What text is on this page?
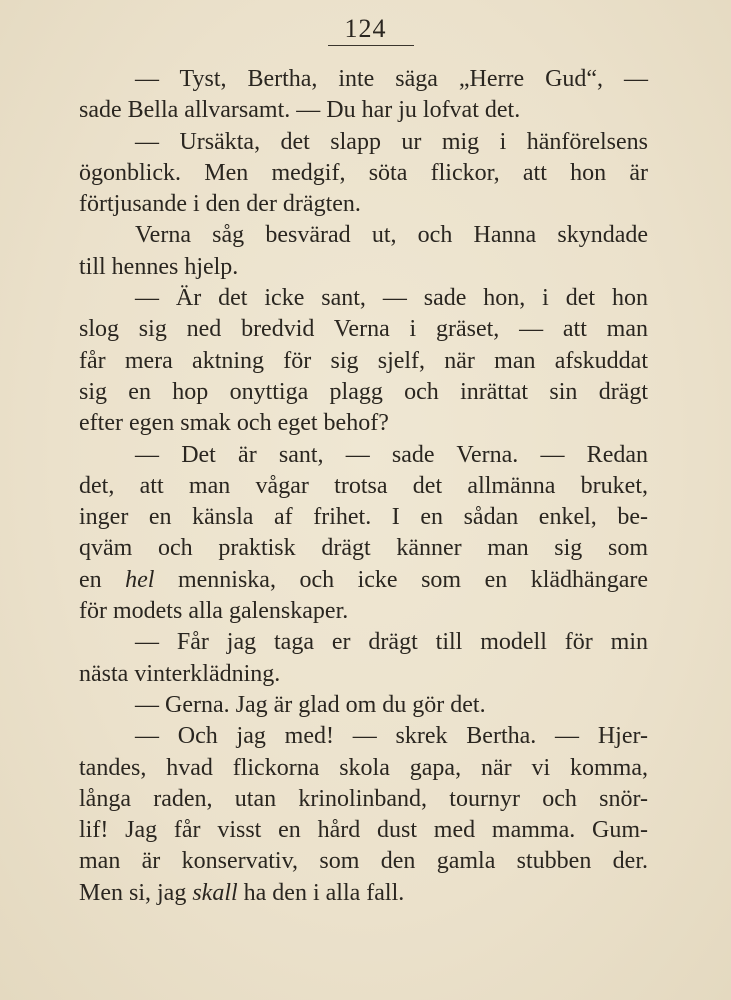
124
— Tyst, Bertha, inte säga „Herre Gud“, —
sade Bella allvarsamt. — Du har ju lofvat det.
— Ursäkta, det slapp ur mig i hänförelsens
ögonblick. Men medgif, söta flickor, att hon är
förtjusande i den der drägten.
Verna såg besvärad ut, och Hanna skyndade
till hennes hjelp.
— Är det icke sant, — sade hon, i det hon
slog sig ned bredvid Verna i gräset, — att man
får mera aktning för sig sjelf, när man afskuddat
sig en hop onyttiga plagg och inrättat sin drägt
efter egen smak och eget behof?
— Det är sant, — sade Verna. — Redan
det, att man vågar trotsa det allmänna bruket,
inger en känsla af frihet. I en sådan enkel, be-
qväm och praktisk drägt känner man sig som
en hel menniska, och icke som en klädhängare
för modets alla galenskaper.
— Får jag taga er drägt till modell för min
nästa vinterklädning.
— Gerna. Jag är glad om du gör det.
— Och jag med! — skrek Bertha. — Hjer-
tandes, hvad flickorna skola gapa, när vi komma,
långa raden, utan krinolinband, tournyr och snör-
lif! Jag får visst en hård dust med mamma. Gum-
man är konservativ, som den gamla stubben der.
Men si, jag skall ha den i alla fall.
